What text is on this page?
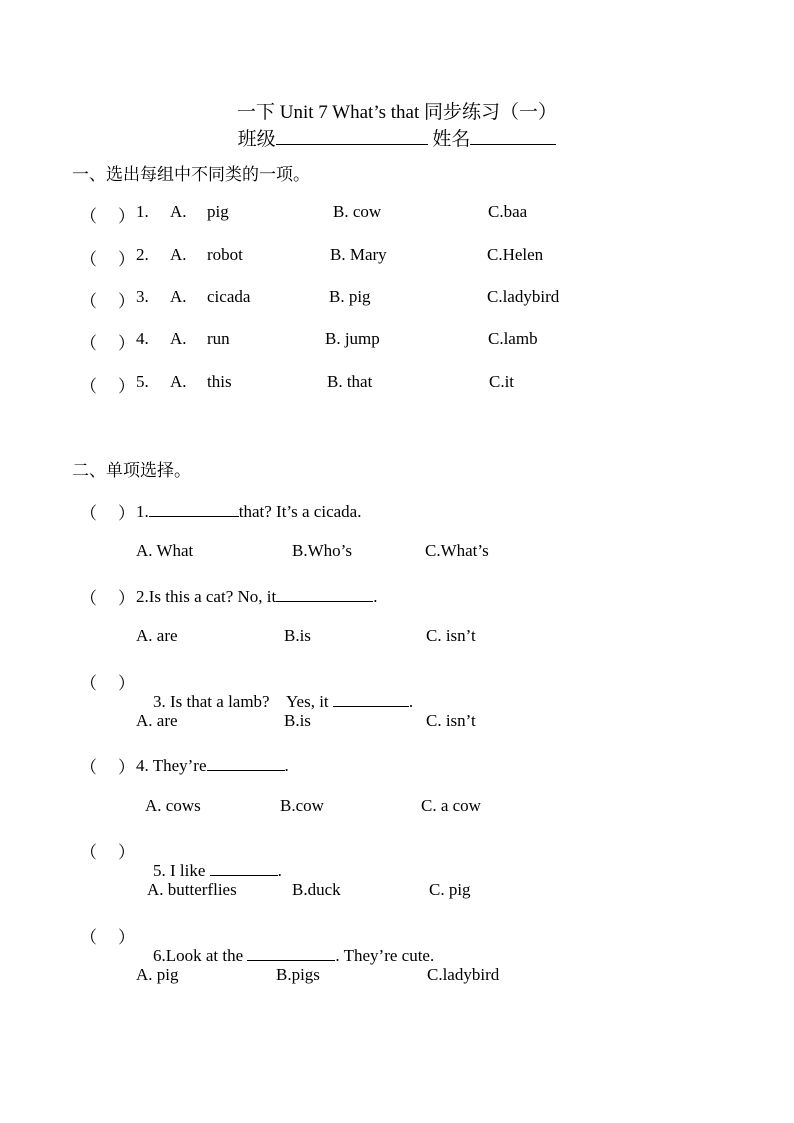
一下 Unit 7 What’s that 同步练习（一）
班级	姓名
一、选出每组中不同类的一项。
（ ） 1. A. pig	B. cow	C.baa
（ ） 2. A. robot	B. Mary	C.Helen
（ ） 3. A. cicada	B. pig	C.ladybird
（ ） 4. A. run	B. jump	C.lamb
（ ） 5. A. this	B. that	C.it
二、单项选择。
（ ） 1.	that? It’s a cicada.
A. What	B.Who’s	C.What’s
（ ） 2.Is this a cat? No, it	.
A. are	B.is	C. isn’t
（ ）

3. Is that a lamb?    Yes, it	.

A. are	B.is	C. isn’t
（ ） 4. They’re	.
A. cows	B.cow	C. a cow
（ ）

5. I like	.

A. butterflies	B.duck	C. pig
（ ）

6.Look at the	. They’re cute.

A. pig	B.pigs	C.ladybird
